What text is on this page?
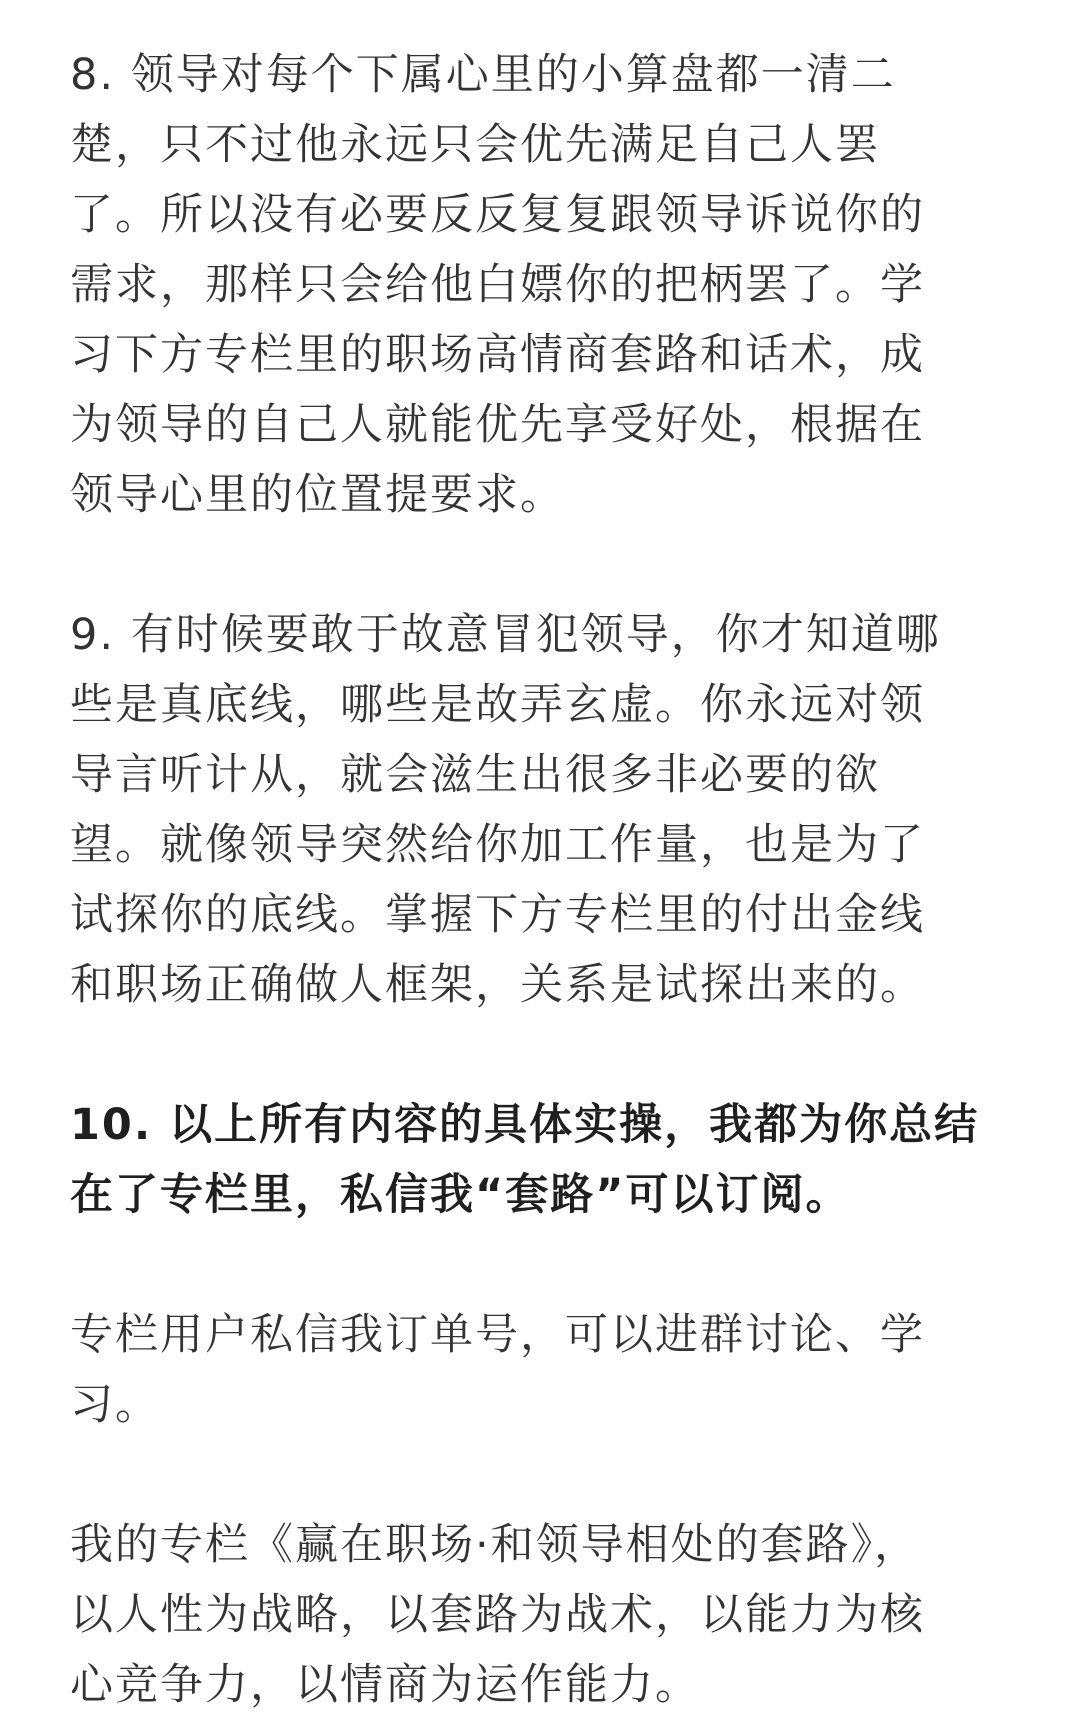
8. 领导对每个下属心里的小算盘都一清二
楚，只不过他永远只会优先满足自己人罢
了。所以没有必要反反复复跟领导诉说你的
需求，那样只会给他白嫖你的把柄罢了。学
习下方专栏里的职场高情商套路和话术，成
为领导的自己人就能优先享受好处，根据在
领导心里的位置提要求。
9. 有时候要敢于故意冒犯领导，你才知道哪
些是真底线，哪些是故弄玄虚。你永远对领
导言听计从，就会滋生出很多非必要的欲
望。就像领导突然给你加工作量，也是为了
试探你的底线。掌握下方专栏里的付出金线
和职场正确做人框架，关系是试探出来的。
10. 以上所有内容的具体实操，我都为你总结
在了专栏里，私信我“套路”可以订阅。
专栏用户私信我订单号，可以进群讨论、学
习。
我的专栏《赢在职场·和领导相处的套路》，
以人性为战略，以套路为战术，以能力为核
心竞争力，以情商为运作能力。
